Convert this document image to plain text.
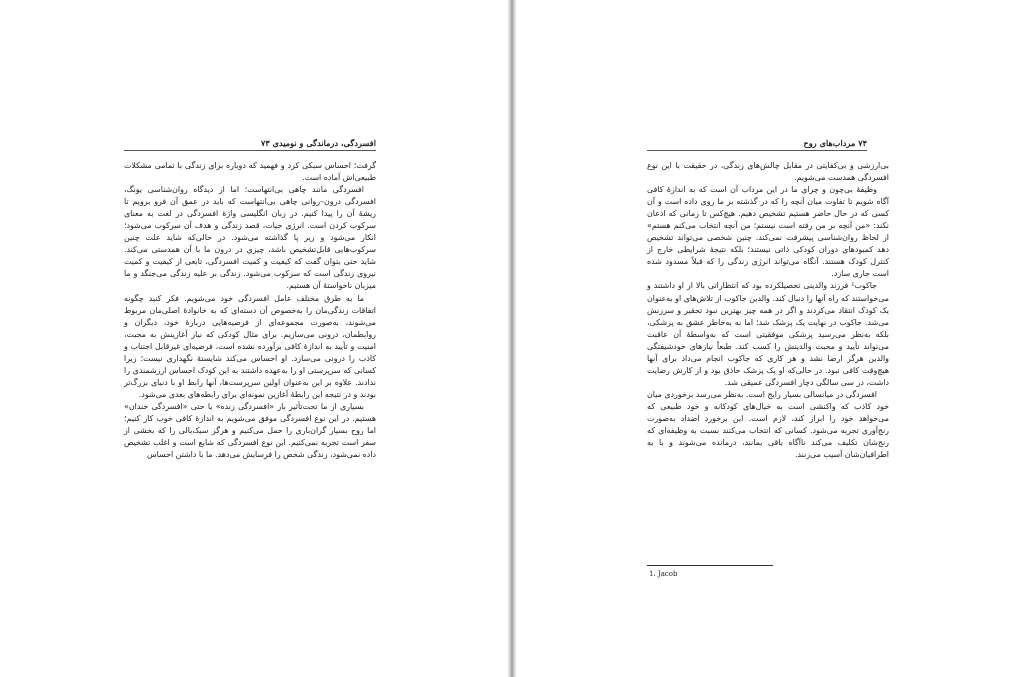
افسردگی، درماندگی و نومیدی ۷۳

گرفت؛ احساس سبکی کرد و فهمید که دوباره برای زندگی با تمامی مشکلات طبیعی‌اش آماده است.

افسردگی مانند چاهی بی‌انتهاست؛ اما از دیدگاه روان‌شناسی یونگ، افسردگی درون–روانی چاهی بی‌انتهاست که باید در عمق آن فرو برویم تا ریشهٔ آن را پیدا کنیم. در زبان انگلیسی واژهٔ افسردگی در لغت به معنای سرکوب کردن است. انرژی حیات، قصد زندگی و هدف آن سرکوب می‌شود؛ انکار می‌شود و زیر پا گذاشته می‌شود. در حالی‌که شاید علت چنین سرکوب‌هایی قابل‌تشخیص باشد، چیزی در درون ما با آن همدستی می‌کند. شاید حتی بتوان گفت که کیفیت و کمیت افسردگی، تابعی از کیفیت و کمیت نیروی زندگی است که سرکوب می‌شود. زندگی بر علیه زندگی می‌جنگد و ما میزبان ناخواستهٔ آن هستیم.

ما به طرق مختلف عامل افسردگی خود می‌شویم. فکر کنید چگونه اتفاقات زندگی‌مان را به‌خصوص آن دسته‌ای که به خانوادهٔ اصلی‌مان مربوط می‌شوند، به‌صورت مجموعه‌ای از فرضیه‌هایی دربارهٔ خود، دیگران و روابطمان، درونی می‌سازیم. برای مثال کودکی که نیاز آغازینش به محبت، امنیت و تأیید به اندازهٔ کافی برآورده نشده است، فرضیه‌ای غیرقابل اجتناب و کاذب را درونی می‌سازد. او احساس می‌کند شایستهٔ نگهداری نیست؛ زیرا کسانی که سرپرستی او را به‌عهده داشتند به این کودک احساس ارزشمندی را ندادند. علاوه بر این به‌عنوان اولین سرپرست‌ها، آنها رابط او با دنیای بزرگ‌تر بودند و در نتیجه این رابطهٔ آغازین نمونه‌ای برای رابطه‌های بعدی می‌شود.

بسیاری از ما تحت‌تأثیر بار «افسردگی زنده» یا حتی «افسردگی خندان» هستیم. در این نوع افسردگی موفق می‌شویم به اندازهٔ کافی خوب کار کنیم؛ اما روح بسیار گران‌باری را حمل می‌کنیم و هرگز سبک‌بالی را که بخشی از سفر است تجربه نمی‌کنیم. این نوع افسردگی که شایع است و اغلب تشخیص داده نمی‌شود، زندگی شخص را فرسایش می‌دهد. ما با داشتن احساس

۷۴ مرداب‌های روح

بی‌ارزشی و بی‌کفایتی در مقابل چالش‌های زندگی، در حقیقت با این نوع افسردگی همدست می‌شویم.

وظیفهٔ بی‌چون و چرای ما در این مرداب آن است که به اندازهٔ کافی آگاه شویم تا تفاوت میان آنچه را که در گذشته بر ما روی داده است و آن کسی که در حال حاضر هستیم تشخیص دهیم. هیچ‌کس تا زمانی که اذعان نکند: «من آنچه بر من رفته است نیستم؛ من آنچه انتخاب می‌کنم هستم» از لحاظ روان‌شناسی پیشرفت نمی‌کند. چنین شخصی می‌تواند تشخیص دهد کمبودهای دوران کودکی ذاتی نیستند؛ بلکه نتیجهٔ شرایطی خارج از کنترل کودک هستند. آنگاه می‌تواند انرژی زندگی را که قبلاً مسدود شده است جاری سازد.

جاکوب¹ فرزند والدینی تحصیلکرده بود که انتظاراتی بالا از او داشتند و می‌خواستند که راه آنها را دنبال کند. والدین جاکوب از تلاش‌های او به‌عنوان یک کودک انتقاد می‌کردند و اگر در همه چیز بهترین نبود تحقیر و سرزنش می‌شد. جاکوب در نهایت یک پزشک شد؛ اما نه به‌خاطر عشق به پزشکی، بلکه به‌نظر می‌رسید پزشکی موفقیتی است که به‌واسطهٔ آن عاقبت می‌تواند تأیید و محبت والدینش را کسب کند. طبعاً نیازهای خودشیفتگی والدین هرگز ارضا نشد و هر کاری که جاکوب انجام می‌داد برای آنها هیچ‌وقت کافی نبود. در حالی‌که او یک پزشک حاذق بود و از کارش رضایت داشت، در سی سالگی دچار افسردگی عمیقی شد.

افسردگی در میانسالی بسیار رایج است. به‌نظر می‌رسد برخوردی میان خود کاذب که واکنشی است به خیال‌های کودکانه و خود طبیعی که می‌خواهد خود را ابراز کند، لازم است. این برخورد اضداد به‌صورت رنج‌آوری تجربه می‌شود. کسانی که انتخاب می‌کنند نسبت به وظیفه‌ای که رنج‌شان تکلیف می‌کند ناآگاه باقی بمانند، درمانده می‌شوند و یا به اطرافیان‌شان آسیب می‌زنند.

1. Jacob
